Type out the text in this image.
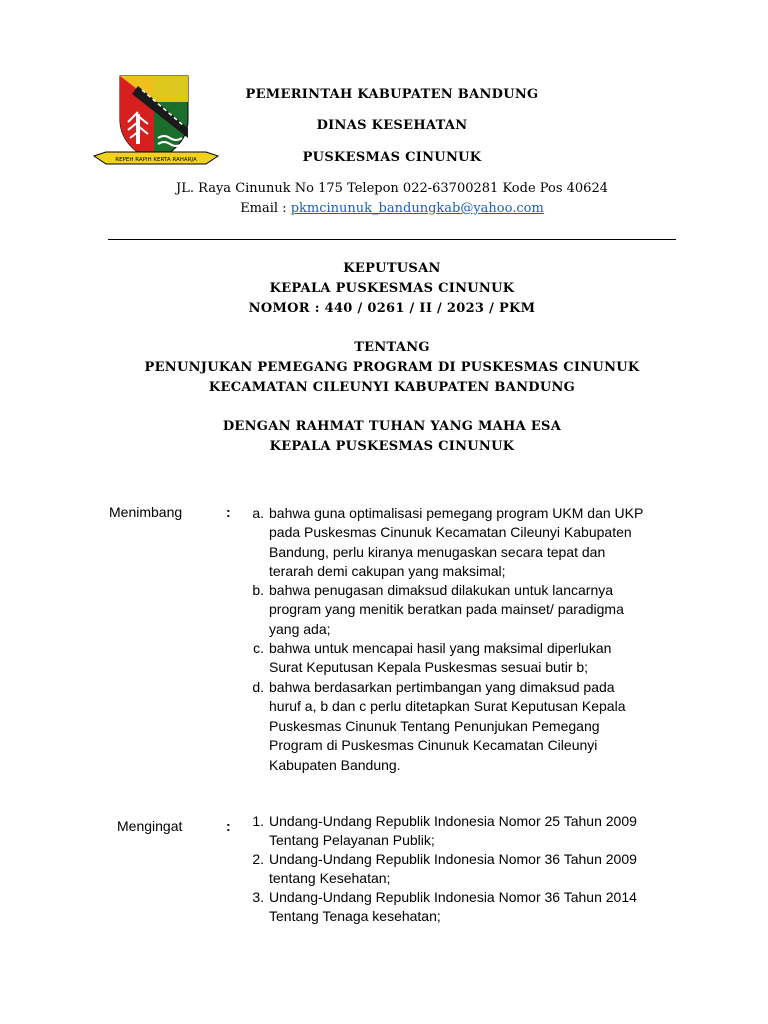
REPEH RAPIH KERTA RAHARJA
PEMERINTAH KABUPATEN BANDUNG
DINAS KESEHATAN
PUSKESMAS CINUNUK
JL. Raya Cinunuk No 175 Telepon 022-63700281 Kode Pos 40624
Email : pkmcinunuk_bandungkab@yahoo.com
KEPUTUSAN
KEPALA PUSKESMAS CINUNUK
NOMOR : 440 / 0261 / II / 2023 / PKM
TENTANG
PENUNJUKAN PEMEGANG PROGRAM DI PUSKESMAS CINUNUK
KECAMATAN CILEUNYI KABUPATEN BANDUNG
DENGAN RAHMAT TUHAN YANG MAHA ESA
KEPALA PUSKESMAS CINUNUK
Menimbang	:	a. bahwa guna optimalisasi pemegang program UKM dan UKP
pada Puskesmas Cinunuk Kecamatan Cileunyi Kabupaten
Bandung, perlu kiranya menugaskan secara tepat dan
terarah demi cakupan yang maksimal;
b. bahwa penugasan dimaksud dilakukan untuk lancarnya
program yang menitik beratkan pada mainset/ paradigma
yang ada;
c. bahwa untuk mencapai hasil yang maksimal diperlukan
Surat Keputusan Kepala Puskesmas sesuai butir b;
d. bahwa berdasarkan pertimbangan yang dimaksud pada
huruf a, b dan c perlu ditetapkan Surat Keputusan Kepala
Puskesmas Cinunuk Tentang Penunjukan Pemegang
Program di Puskesmas Cinunuk Kecamatan Cileunyi
Kabupaten Bandung.
Mengingat	:	1. Undang-Undang Republik Indonesia Nomor 25 Tahun 2009
Tentang Pelayanan Publik;
2. Undang-Undang Republik Indonesia Nomor 36 Tahun 2009
tentang Kesehatan;
3. Undang-Undang Republik Indonesia Nomor 36 Tahun 2014
Tentang Tenaga kesehatan;
